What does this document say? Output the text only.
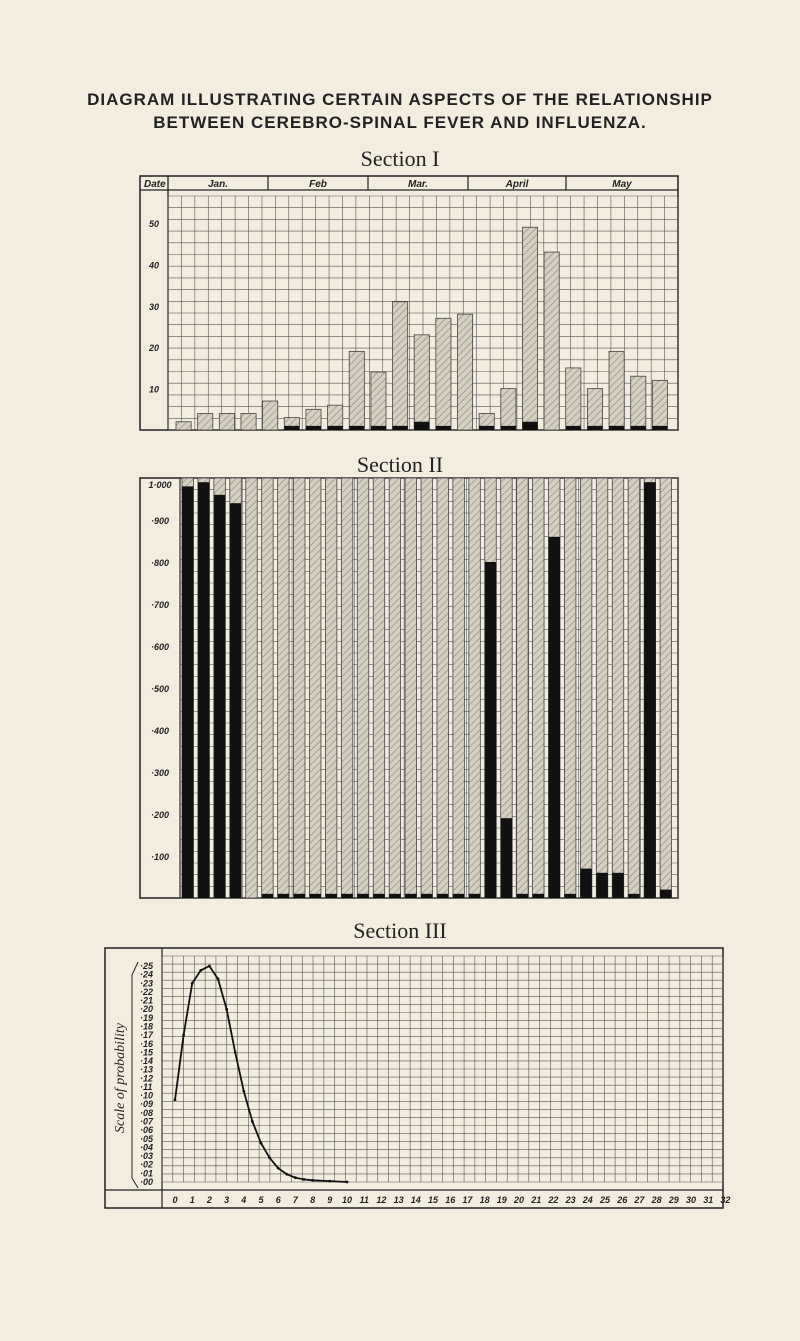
DIAGRAM ILLUSTRATING CERTAIN ASPECTS OF THE RELATIONSHIP
BETWEEN CEREBRO-SPINAL FEVER AND INFLUENZA.
Section I
Section II
Section III
Date	Jan.	Feb	Mar.	April	May
50
40
30
20
10
1·000
·900
·800
·700
·600
·500
·400
·300
·200
·100
·25
·24
·23
·22
·21
·20
·19
·18
·17
·16
·15
·14
·13
·12
·11
·10
·09
·08
·07
·06
·05
·04
·03
·02
·01
·00
0 1 2 3 4 5 6 7 8 9 10 11 12 13 14 15 16 17 18 19 20 21 22 23 24 25 26 27 28 29 30 31 32
Scale of probability
